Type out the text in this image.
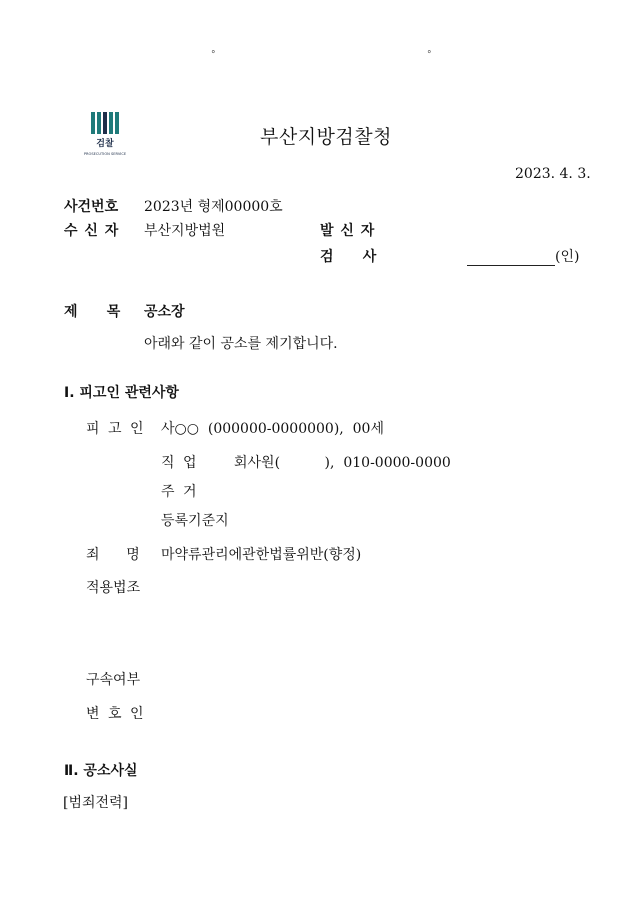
°	°
검찰
PROSECUTION SERVICE
부산지방검찰청
2023. 4. 3.
사건번호 2023년 형제00000호
수 신 자 부산지방법원	발 신 자
검      사	(인)
제      목 공소장
아래와 같이 공소를 제기합니다.
Ⅰ. 피고인 관련사항
피 고 인 사○○  (000000-0000000),  00세
직 업	회사원(          ),  010-0000-0000
주 거
등록기준지
죄      명 마약류관리에관한법률위반(향정)
적용법조
구속여부
변 호 인
Ⅱ. 공소사실
[범죄전력]
